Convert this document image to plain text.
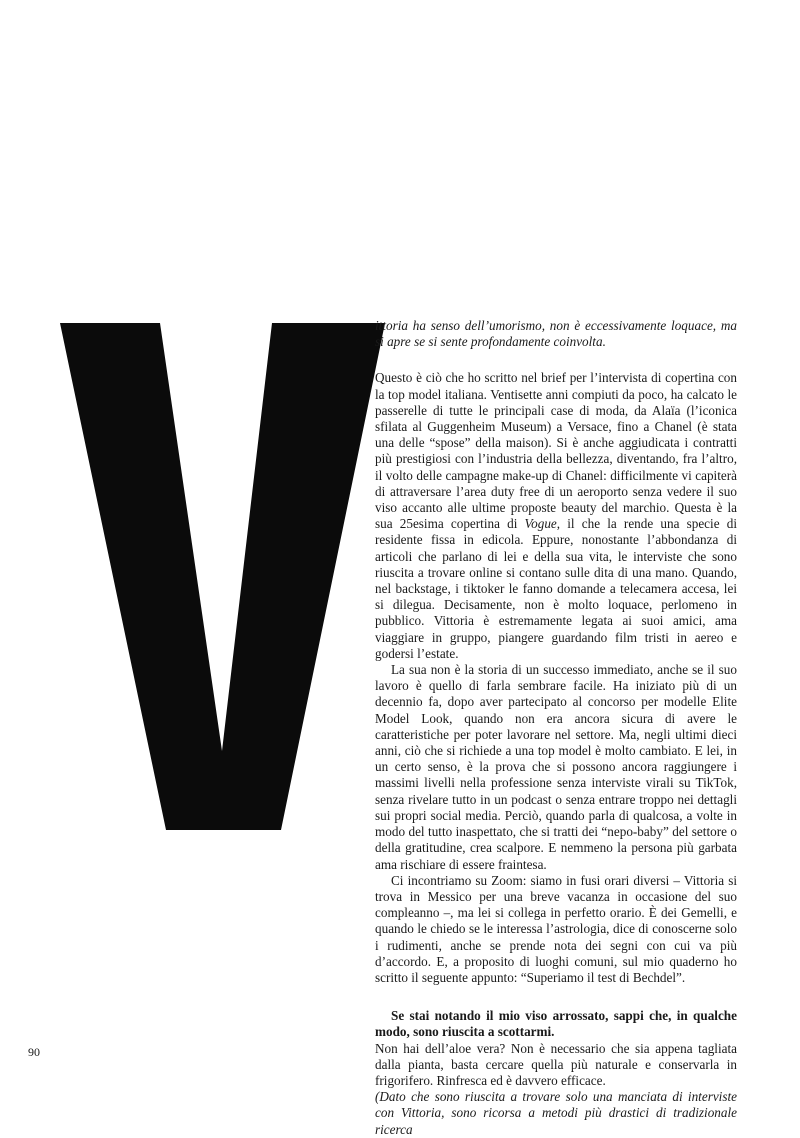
ittoria ha senso dell’umorismo, non è eccessivamente loquace, ma si apre se si sente profondamente coinvolta.

Questo è ciò che ho scritto nel brief per l’intervista di copertina con la top model italiana. Ventisette anni compiuti da poco, ha calcato le passerelle di tutte le principali case di moda, da Alaïa (l’iconica sfilata al Guggenheim Museum) a Versace, fino a Chanel (è stata una delle “spose” della maison). Si è anche aggiudicata i contratti più prestigiosi con l’industria della bellezza, diventando, fra l’altro, il volto delle campagne make-up di Chanel: difficilmente vi capiterà di attraversare l’area duty free di un aeroporto senza vedere il suo viso accanto alle ultime proposte beauty del marchio. Questa è la sua 25esima copertina di Vogue, il che la rende una specie di residente fissa in edicola. Eppure, nonostante l’abbondanza di articoli che parlano di lei e della sua vita, le interviste che sono riuscita a trovare online si contano sulle dita di una mano. Quando, nel backstage, i tiktoker le fanno domande a telecamera accesa, lei si dilegua. Decisamente, non è molto loquace, perlomeno in pubblico. Vittoria è estremamente legata ai suoi amici, ama viaggiare in gruppo, piangere guardando film tristi in aereo e godersi l’estate.

La sua non è la storia di un successo immediato, anche se il suo lavoro è quello di farla sembrare facile. Ha iniziato più di un decennio fa, dopo aver partecipato al concorso per modelle Elite Model Look, quando non era ancora sicura di avere le caratteristiche per poter lavorare nel settore. Ma, negli ultimi dieci anni, ciò che si richiede a una top model è molto cambiato. E lei, in un certo senso, è la prova che si possono ancora raggiungere i massimi livelli nella professione senza interviste virali su TikTok, senza rivelare tutto in un podcast o senza entrare troppo nei dettagli sui propri social media. Perciò, quando parla di qualcosa, a volte in modo del tutto inaspettato, che si tratti dei “nepo-baby” del settore o della gratitudine, crea scalpore. E nemmeno la persona più garbata ama rischiare di essere fraintesa.

Ci incontriamo su Zoom: siamo in fusi orari diversi – Vittoria si trova in Messico per una breve vacanza in occasione del suo compleanno –, ma lei si collega in perfetto orario. È dei Gemelli, e quando le chiedo se le interessa l’astrologia, dice di conoscerne solo i rudimenti, anche se prende nota dei segni con cui va più d’accordo. E, a proposito di luoghi comuni, sul mio quaderno ho scritto il seguente appunto: “Superiamo il test di Bechdel”.

Se stai notando il mio viso arrossato, sappi che, in qualche modo, sono riuscita a scottarmi.

Non hai dell’aloe vera? Non è necessario che sia appena tagliata dalla pianta, basta cercare quella più naturale e conservarla in frigorifero. Rinfresca ed è davvero efficace.

(Dato che sono riuscita a trovare solo una manciata di interviste con Vittoria, sono ricorsa a metodi più drastici di tradizionale ricerca

90
